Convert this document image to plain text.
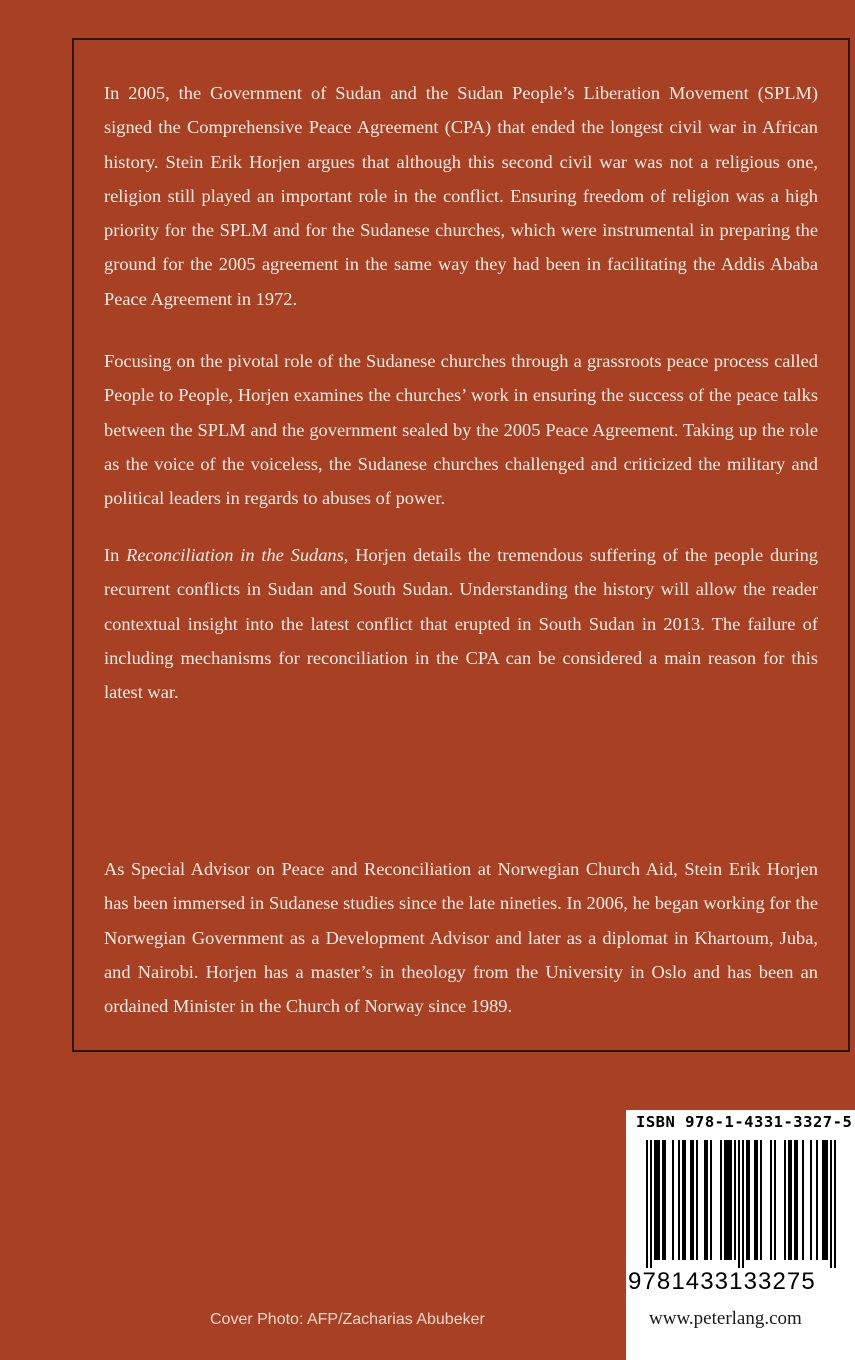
In 2005, the Government of Sudan and the Sudan People’s Liberation Movement (SPLM) signed the Comprehensive Peace Agreement (CPA) that ended the longest civil war in African history. Stein Erik Horjen argues that although this second civil war was not a religious one, religion still played an important role in the conflict. Ensuring freedom of religion was a high priority for the SPLM and for the Sudanese churches, which were instrumental in preparing the ground for the 2005 agreement in the same way they had been in facilitating the Addis Ababa Peace Agreement in 1972.

Focusing on the pivotal role of the Sudanese churches through a grassroots peace process called People to People, Horjen examines the churches’ work in ensuring the success of the peace talks between the SPLM and the government sealed by the 2005 Peace Agreement. Taking up the role as the voice of the voiceless, the Sudanese churches challenged and criticized the military and political leaders in regards to abuses of power.

In Reconciliation in the Sudans, Horjen details the tremendous suffering of the people during recurrent conflicts in Sudan and South Sudan. Understanding the history will allow the reader contextual insight into the latest conflict that erupted in South Sudan in 2013. The failure of including mechanisms for reconciliation in the CPA can be considered a main reason for this latest war.

As Special Advisor on Peace and Reconciliation at Norwegian Church Aid, Stein Erik Horjen has been immersed in Sudanese studies since the late nineties. In 2006, he began working for the Norwegian Government as a Development Advisor and later as a diplomat in Khartoum, Juba, and Nairobi. Horjen has a master’s in theology from the University in Oslo and has been an ordained Minister in the Church of Norway since 1989.

ISBN 978-1-4331-3327-5
9781433133275
www.peterlang.com
Cover Photo: AFP/Zacharias Abubeker
